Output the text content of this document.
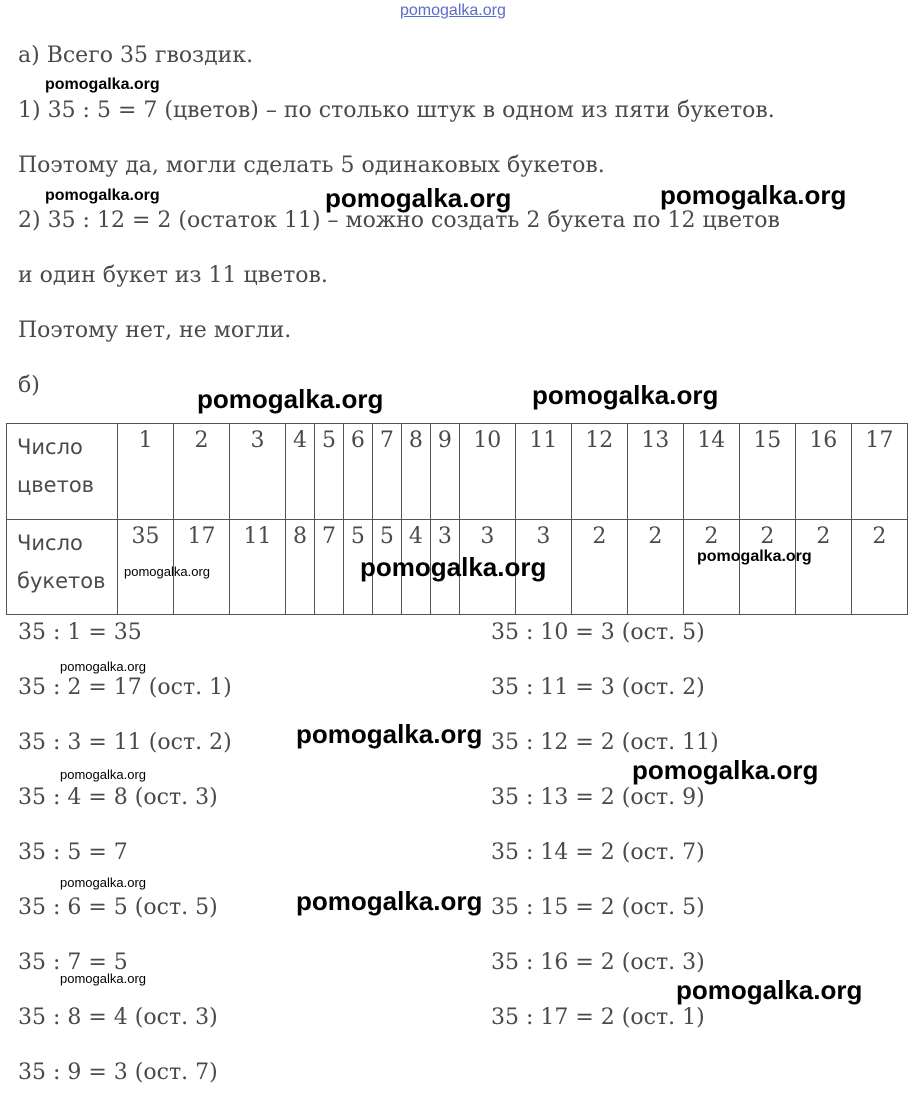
pomogalka.org
pomogalka.org
pomogalka.org	pomogalka.org	pomogalka.org
pomogalka.org	pomogalka.org
а) Всего 35 гвоздик.
1) 35 : 5 = 7 (цветов) – по столько штук в одном из пяти букетов.
Поэтому да, могли сделать 5 одинаковых букетов.
2) 35 : 12 = 2 (остаток 11) – можно создать 2 букета по 12 цветов
и один букет из 11 цветов.
Поэтому нет, не могли.
б)
Число
цветов	1	2	3	4	5	6	7	8	9	10	11	12	13	14	15	16	17

Число
букетов	35	17	11	8	7	5	5	4	3	3	3	2	2	2	2	2	2
pomogalka.org	pomogalka.org	pomogalka.org
35 : 1 = 35
35 : 2 = 17 (ост. 1)
35 : 3 = 11 (ост. 2)
35 : 4 = 8 (ост. 3)
35 : 5 = 7
35 : 6 = 5 (ост. 5)
35 : 7 = 5
35 : 8 = 4 (ост. 3)
35 : 9 = 3 (ост. 7)
35 : 10 = 3 (ост. 5)
35 : 11 = 3 (ост. 2)
35 : 12 = 2 (ост. 11)
35 : 13 = 2 (ост. 9)
35 : 14 = 2 (ост. 7)
35 : 15 = 2 (ост. 5)
35 : 16 = 2 (ост. 3)
35 : 17 = 2 (ост. 1)
pomogalka.org
pomogalka.org
pomogalka.org	pomogalka.org
pomogalka.org
pomogalka.org
pomogalka.org	pomogalka.org
